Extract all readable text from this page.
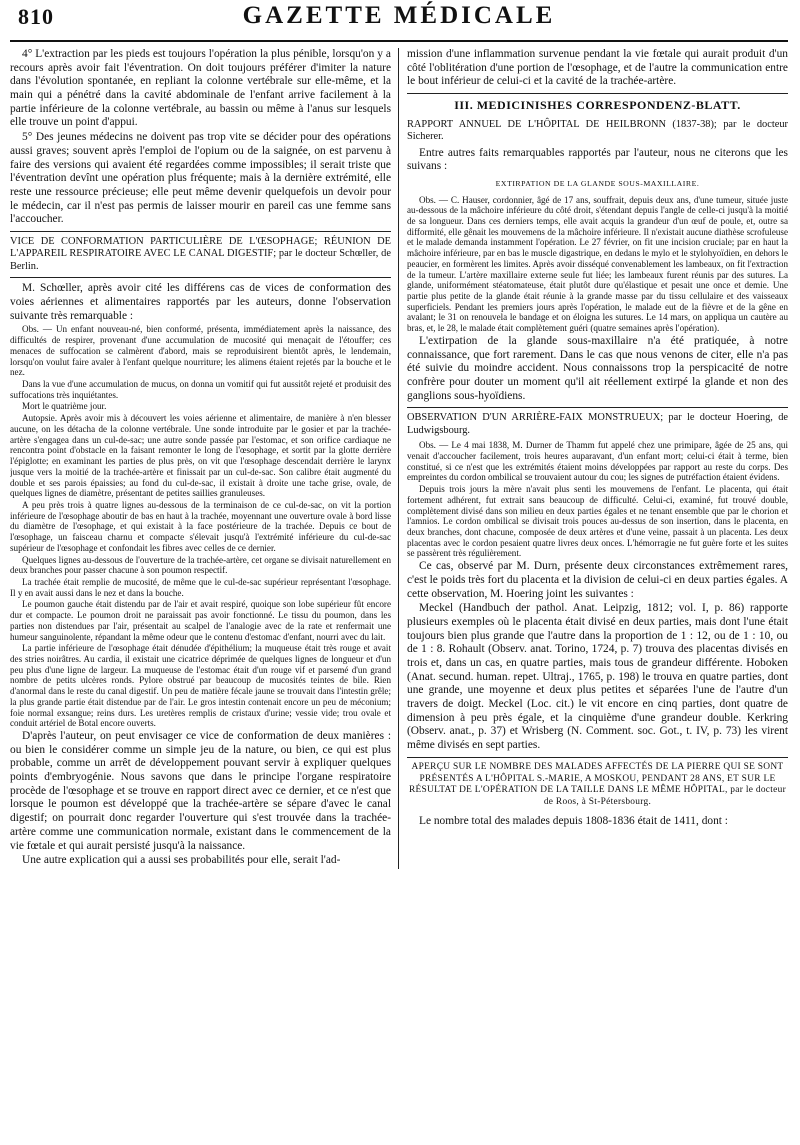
810	GAZETTE MÉDICALE

4° L'extraction par les pieds est toujours l'opération la plus pénible, lorsqu'on y a recours après avoir fait l'éventration. On doit toujours préférer d'imiter la nature dans l'évolution spontanée, en repliant la colonne vertébrale sur elle-même, et la main qui a pénétré dans la cavité abdominale de l'enfant arrive facilement à la partie inférieure de la colonne vertébrale, au bassin ou même à l'anus sur lesquels elle trouve un point d'appui.

5° Des jeunes médecins ne doivent pas trop vite se décider pour des opérations aussi graves; souvent après l'emploi de l'opium ou de la saignée, on est parvenu à faire des versions qui avaient été regardées comme impossibles; il serait triste que l'éventration devînt une opération plus fréquente; mais à la dernière extrémité, elle reste une ressource précieuse; elle peut même devenir quelquefois un devoir pour le médecin, car il n'est pas permis de laisser mourir en pareil cas une femme sans l'accoucher.

VICE DE CONFORMATION PARTICULIÈRE DE L'ŒSOPHAGE; RÉUNION DE L'APPAREIL RESPIRATOIRE AVEC LE CANAL DIGESTIF; par le docteur Schœller, de Berlin.

M. Schœller, après avoir cité les différens cas de vices de conformation des voies aériennes et alimentaires rapportés par les auteurs, donne l'observation suivante très remarquable :

Obs. — Un enfant nouveau-né, bien conformé, présenta, immédiatement après la naissance, des difficultés de respirer, provenant d'une accumulation de mucosité qui menaçait de l'étouffer; ces menaces de suffocation se calmèrent d'abord, mais se reproduisirent bientôt après, le lendemain, lorsqu'on voulut faire avaler à l'enfant quelque nourriture; les alimens étaient rejetés par la bouche et le nez.

Dans la vue d'une accumulation de mucus, on donna un vomitif qui fut aussitôt rejeté et produisit des suffocations très inquiétantes.

Mort le quatrième jour.

Autopsie. Après avoir mis à découvert les voies aérienne et alimentaire, de manière à n'en blesser aucune, on les détacha de la colonne vertébrale. Une sonde introduite par le gosier et par la trachée-artère s'engagea dans un cul-de-sac; une autre sonde passée par l'estomac, et son orifice cardiaque ne rencontra point d'obstacle en la faisant remonter le long de l'œsophage, et sortit par la glotte derrière l'épiglotte; en examinant les parties de plus près, on vit que l'œsophage descendait derrière le larynx jusque vers la moitié de la trachée-artère et finissait par un cul-de-sac. Son calibre était augmenté du double et ses parois épaissies; au fond du cul-de-sac, il existait à droite une tache grise, ovale, de quelques lignes de diamètre, présentant de petites saillies granuleuses.

A peu près trois à quatre lignes au-dessous de la terminaison de ce cul-de-sac, on vit la portion inférieure de l'œsophage aboutir de bas en haut à la trachée, moyennant une ouverture ovale à bord lisse du diamètre de l'œsophage, et qui existait à la face postérieure de la trachée. Depuis ce bout de l'œsophage, un faisceau charnu et compacte s'élevait jusqu'à l'extrémité inférieure du cul-de-sac supérieur de l'œsophage et confondait les fibres avec celles de ce dernier.

Quelques lignes au-dessous de l'ouverture de la trachée-artère, cet organe se divisait naturellement en deux branches pour passer chacune à son poumon respectif.

La trachée était remplie de mucosité, de même que le cul-de-sac supérieur représentant l'œsophage. Il y en avait aussi dans le nez et dans la bouche.

Le poumon gauche était distendu par de l'air et avait respiré, quoique son lobe supérieur fût encore dur et compacte. Le poumon droit ne paraissait pas avoir fonctionné. Le tissu du poumon, dans les parties non distendues par l'air, présentait au scalpel de l'analogie avec de la rate et renfermait une humeur sanguinolente, répandant la même odeur que le contenu d'estomac d'enfant, nourri avec du lait.

La partie inférieure de l'œsophage était dénudée d'épithélium; la muqueuse était très rouge et avait des stries noirâtres. Au cardia, il existait une cicatrice déprimée de quelques lignes de longueur et d'un peu plus d'une ligne de largeur. La muqueuse de l'estomac était d'un rouge vif et parsemé d'un grand nombre de petits ulcères ronds. Pylore obstrué par beaucoup de mucosités teintes de bile. Rien d'anormal dans le reste du canal digestif. Un peu de matière fécale jaune se trouvait dans l'intestin grêle; la plus grande partie était distendue par de l'air. Le gros intestin contenait encore un peu de méconium; foie normal exsangue; reins durs. Les uretères remplis de cristaux d'urine; vessie vide; trou ovale et conduit artériel de Botal encore ouverts.

D'après l'auteur, on peut envisager ce vice de conformation de deux manières : ou bien le considérer comme un simple jeu de la nature, ou bien, ce qui est plus probable, comme un arrêt de développement pouvant servir à expliquer quelques points d'embryogénie. Nous savons que dans le principe l'organe respiratoire procède de l'œsophage et se trouve en rapport direct avec ce dernier, et ce n'est que lorsque le poumon est développé que la trachée-artère se sépare d'avec le canal digestif; on pourrait donc regarder l'ouverture qui s'est trouvée dans la trachée-artère comme une communication normale, existant dans le commencement de la vie fœtale et qui aurait persisté jusqu'à la naissance.

Une autre explication qui a aussi ses probabilités pour elle, serait l'ad-

mission d'une inflammation survenue pendant la vie fœtale qui aurait produit d'un côté l'oblitération d'une portion de l'œsophage, et de l'autre la communication entre le bout inférieur de celui-ci et la cavité de la trachée-artère.

III. MEDICINISHES CORRESPONDENZ-BLATT.

RAPPORT ANNUEL DE L'HÔPITAL DE HEILBRONN (1837-38); par le docteur Sicherer.

Entre autres faits remarquables rapportés par l'auteur, nous ne citerons que les suivans :

EXTIRPATION DE LA GLANDE SOUS-MAXILLAIRE.

Obs. — C. Hauser, cordonnier, âgé de 17 ans, souffrait, depuis deux ans, d'une tumeur, située juste au-dessous de la mâchoire inférieure du côté droit, s'étendant depuis l'angle de celle-ci jusqu'à la moitié de sa longueur. Dans ces derniers temps, elle avait acquis la grandeur d'un œuf de poule, et, outre sa difformité, elle gênait les mouvemens de la mâchoire inférieure. Il n'existait aucune diathèse scrofuleuse et le malade demanda instamment l'opération. Le 27 février, on fit une incision cruciale; par en haut la mâchoire inférieure, par en bas le muscle digastrique, en dedans le mylo et le stylohyoïdien, en dehors le peaucier, en formèrent les limites. Après avoir disséqué convenablement les lambeaux, on fit l'extraction de la tumeur. L'artère maxillaire externe seule fut liée; les lambeaux furent réunis par des sutures. La glande, uniformément stéatomateuse, était plutôt dure qu'élastique et pesait une once et demie. Une partie plus petite de la glande était réunie à la grande masse par du tissu cellulaire et des vaisseaux superficiels. Pendant les premiers jours après l'opération, le malade eut de la fièvre et de la gêne en avalant; le 31 on renouvela le bandage et on éloigna les sutures. Le 14 mars, on appliqua un cautère au bras, et, le 28, le malade était complètement guéri (quatre semaines après l'opération).

L'extirpation de la glande sous-maxillaire n'a été pratiquée, à notre connaissance, que fort rarement. Dans le cas que nous venons de citer, elle n'a pas été suivie du moindre accident. Nous connaissons trop la perspicacité de notre confrère pour douter un moment qu'il ait réellement extirpé la glande et non des ganglions sous-hyoïdiens.

OBSERVATION D'UN ARRIÈRE-FAIX MONSTRUEUX; par le docteur Hoering, de Ludwigsbourg.

Obs. — Le 4 mai 1838, M. Durner de Thamm fut appelé chez une primipare, âgée de 25 ans, qui venait d'accoucher facilement, trois heures auparavant, d'un enfant mort; celui-ci était à terme, bien constitué, si ce n'est que les extrémités étaient moins développées par rapport au reste du corps. Des empreintes du cordon ombilical se trouvaient autour du cou; les signes de putréfaction étaient évidens.

Depuis trois jours la mère n'avait plus senti les mouvemens de l'enfant. Le placenta, qui était fortement adhérent, fut extrait sans beaucoup de difficulté. Celui-ci, examiné, fut trouvé double, complètement divisé dans son milieu en deux parties égales et ne tenant ensemble que par le chorion et l'amnios. Le cordon ombilical se divisait trois pouces au-dessus de son insertion, dans le placenta, en deux branches, dont chacune, composée de deux artères et d'une veine, passait à un placenta. Les deux placentas avec le cordon pesaient quatre livres deux onces. L'hémorragie ne fut guère forte et les suites se passèrent très régulièrement.

Ce cas, observé par M. Durn, présente deux circonstances extrêmement rares, c'est le poids très fort du placenta et la division de celui-ci en deux parties égales. A cette observation, M. Hoering joint les suivantes :

Meckel (Handbuch der pathol. Anat. Leipzig, 1812; vol. I, p. 86) rapporte plusieurs exemples où le placenta était divisé en deux parties, mais dont l'une était toujours bien plus grande que l'autre dans la proportion de 1 : 12, ou de 1 : 10, ou de 1 : 8. Rohault (Observ. anat. Torino, 1724, p. 7) trouva des placentas divisés en trois et, dans un cas, en quatre parties, mais tous de grandeur différente. Hoboken (Anat. secund. human. repet. Ultraj., 1765, p. 198) le trouva en quatre parties, dont une grande, une moyenne et deux plus petites et séparées l'une de l'autre d'un travers de doigt. Meckel (Loc. cit.) le vit encore en cinq parties, dont quatre de dimension à peu près égale, et la cinquième d'une grandeur double. Kerkring (Observ. anat., p. 37) et Wrisberg (N. Comment. soc. Got., t. IV, p. 73) les virent même divisés en sept parties.

APERÇU SUR LE NOMBRE DES MALADES AFFECTÉS DE LA PIERRE QUI SE SONT PRÉSENTÉS A L'HÔPITAL S.-MARIE, A MOSKOU, PENDANT 28 ANS, ET SUR LE RÉSULTAT DE L'OPÉRATION DE LA TAILLE DANS LE MÊME HÔPITAL, par le docteur de Roos, à St-Pétersbourg.

Le nombre total des malades depuis 1808-1836 était de 1411, dont :
